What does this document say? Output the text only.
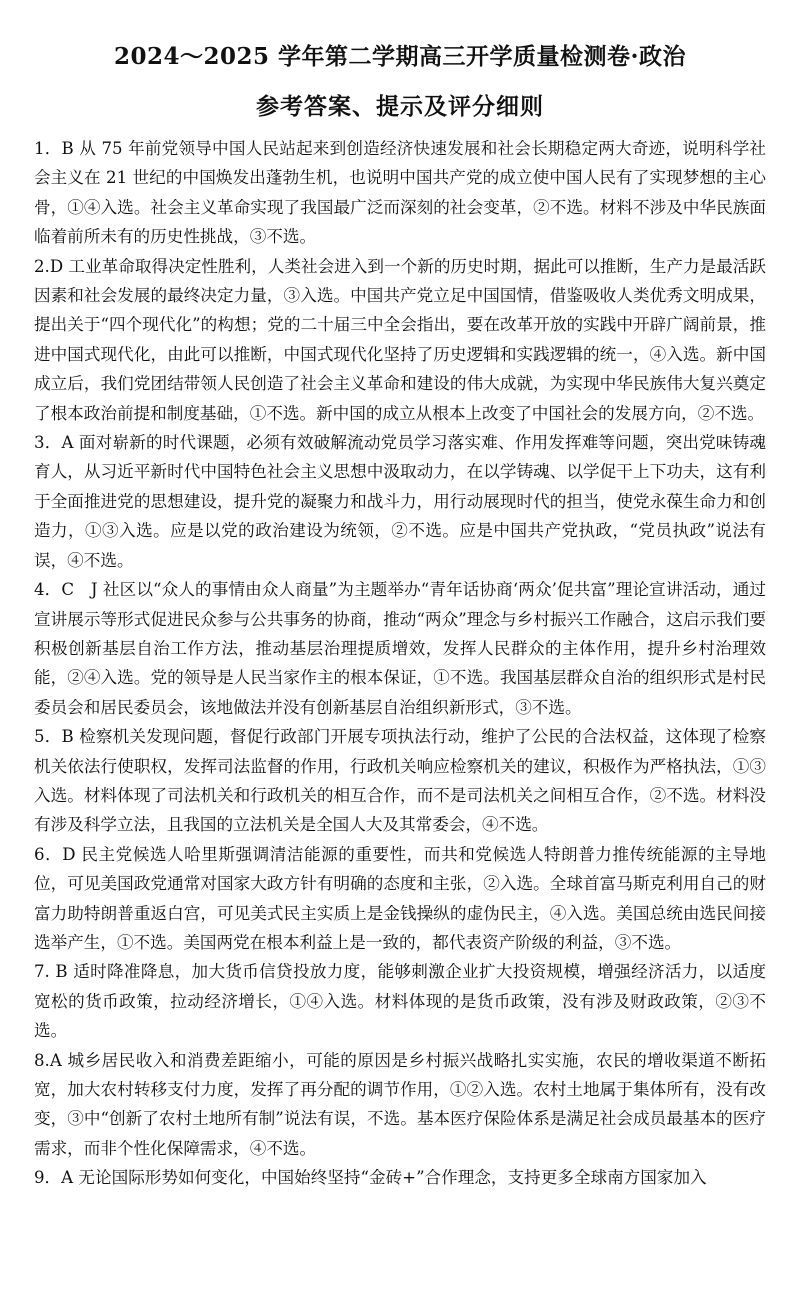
2024～2025 学年第二学期高三开学质量检测卷·政治
参考答案、提示及评分细则

1．B 从 75 年前党领导中国人民站起来到创造经济快速发展和社会长期稳定两大奇迹，说明科学社会主义在 21 世纪的中国焕发出蓬勃生机，也说明中国共产党的成立使中国人民有了实现梦想的主心骨，①④入选。社会主义革命实现了我国最广泛而深刻的社会变革，②不选。材料不涉及中华民族面临着前所未有的历史性挑战，③不选。

2.D 工业革命取得决定性胜利，人类社会进入到一个新的历史时期，据此可以推断，生产力是最活跃因素和社会发展的最终决定力量，③入选。中国共产党立足中国国情，借鉴吸收人类优秀文明成果，提出关于“四个现代化”的构想；党的二十届三中全会指出，要在改革开放的实践中开辟广阔前景，推进中国式现代化，由此可以推断，中国式现代化坚持了历史逻辑和实践逻辑的统一，④入选。新中国成立后，我们党团结带领人民创造了社会主义革命和建设的伟大成就，为实现中华民族伟大复兴奠定了根本政治前提和制度基础，①不选。新中国的成立从根本上改变了中国社会的发展方向，②不选。

3．A 面对崭新的时代课题，必须有效破解流动党员学习落实难、作用发挥难等问题，突出党味铸魂育人，从习近平新时代中国特色社会主义思想中汲取动力，在以学铸魂、以学促干上下功夫，这有利于全面推进党的思想建设，提升党的凝聚力和战斗力，用行动展现时代的担当，使党永葆生命力和创造力，①③入选。应是以党的政治建设为统领，②不选。应是中国共产党执政，“党员执政”说法有误，④不选。

4．C　J 社区以“众人的事情由众人商量”为主题举办“青年话协商‘两众’促共富”理论宣讲活动，通过宣讲展示等形式促进民众参与公共事务的协商，推动“两众”理念与乡村振兴工作融合，这启示我们要积极创新基层自治工作方法，推动基层治理提质增效，发挥人民群众的主体作用，提升乡村治理效能，②④入选。党的领导是人民当家作主的根本保证，①不选。我国基层群众自治的组织形式是村民委员会和居民委员会，该地做法并没有创新基层自治组织新形式，③不选。

5．B 检察机关发现问题，督促行政部门开展专项执法行动，维护了公民的合法权益，这体现了检察机关依法行使职权，发挥司法监督的作用，行政机关响应检察机关的建议，积极作为严格执法，①③入选。材料体现了司法机关和行政机关的相互合作，而不是司法机关之间相互合作，②不选。材料没有涉及科学立法，且我国的立法机关是全国人大及其常委会，④不选。

6．D 民主党候选人哈里斯强调清洁能源的重要性，而共和党候选人特朗普力推传统能源的主导地位，可见美国政党通常对国家大政方针有明确的态度和主张，②入选。全球首富马斯克利用自己的财富力助特朗普重返白宫，可见美式民主实质上是金钱操纵的虚伪民主，④入选。美国总统由选民间接选举产生，①不选。美国两党在根本利益上是一致的，都代表资产阶级的利益，③不选。

7. B 适时降准降息，加大货币信贷投放力度，能够刺激企业扩大投资规模，增强经济活力，以适度宽松的货币政策，拉动经济增长，①④入选。材料体现的是货币政策，没有涉及财政政策，②③不选。

8.A 城乡居民收入和消费差距缩小，可能的原因是乡村振兴战略扎实实施，农民的增收渠道不断拓宽，加大农村转移支付力度，发挥了再分配的调节作用，①②入选。农村土地属于集体所有，没有改变，③中“创新了农村土地所有制”说法有误，不选。基本医疗保险体系是满足社会成员最基本的医疗需求，而非个性化保障需求，④不选。

9．A 无论国际形势如何变化，中国始终坚持“金砖+”合作理念，支持更多全球南方国家加入
